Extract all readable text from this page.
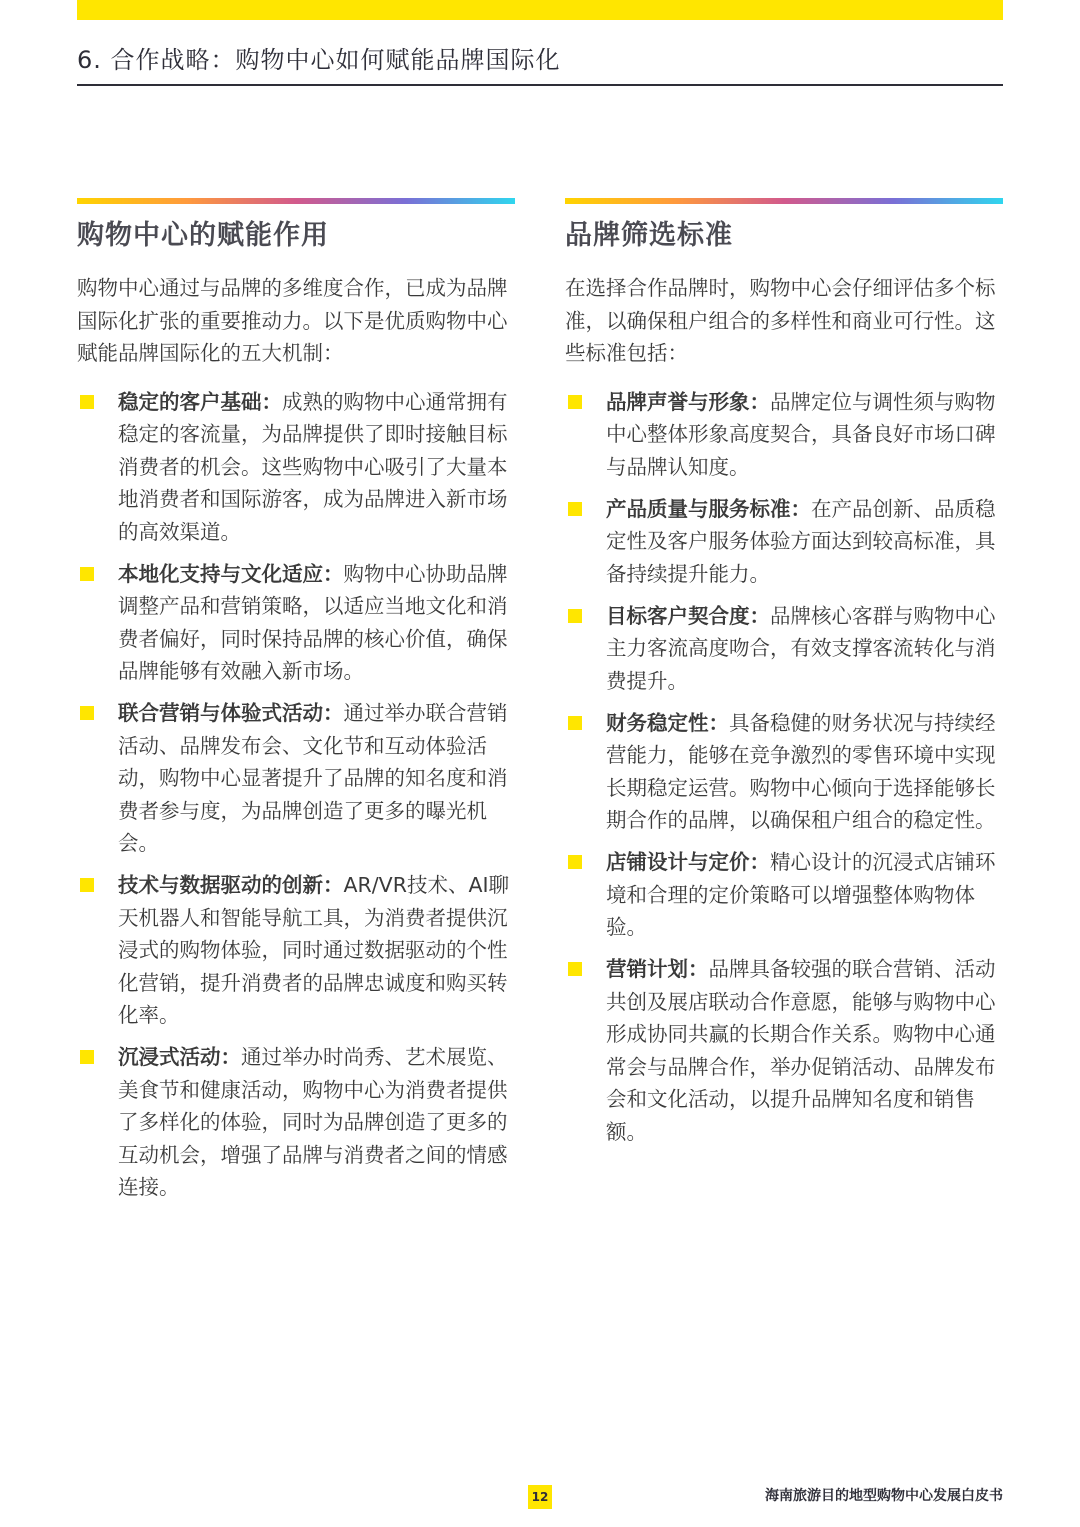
6. 合作战略：购物中心如何赋能品牌国际化
购物中心的赋能作用
购物中心通过与品牌的多维度合作，已成为品牌国际化扩张的重要推动力。以下是优质购物中心赋能品牌国际化的五大机制：
稳定的客户基础：成熟的购物中心通常拥有稳定的客流量，为品牌提供了即时接触目标消费者的机会。这些购物中心吸引了大量本地消费者和国际游客，成为品牌进入新市场的高效渠道。
本地化支持与文化适应：购物中心协助品牌调整产品和营销策略，以适应当地文化和消费者偏好，同时保持品牌的核心价值，确保品牌能够有效融入新市场。
联合营销与体验式活动：通过举办联合营销活动、品牌发布会、文化节和互动体验活动，购物中心显著提升了品牌的知名度和消费者参与度，为品牌创造了更多的曝光机会。
技术与数据驱动的创新：AR/VR技术、AI聊天机器人和智能导航工具，为消费者提供沉浸式的购物体验，同时通过数据驱动的个性化营销，提升消费者的品牌忠诚度和购买转化率。
沉浸式活动：通过举办时尚秀、艺术展览、美食节和健康活动，购物中心为消费者提供了多样化的体验，同时为品牌创造了更多的互动机会，增强了品牌与消费者之间的情感连接。
品牌筛选标准
在选择合作品牌时，购物中心会仔细评估多个标准，以确保租户组合的多样性和商业可行性。这些标准包括：
品牌声誉与形象：品牌定位与调性须与购物中心整体形象高度契合，具备良好市场口碑与品牌认知度。
产品质量与服务标准：在产品创新、品质稳定性及客户服务体验方面达到较高标准，具备持续提升能力。
目标客户契合度：品牌核心客群与购物中心主力客流高度吻合，有效支撑客流转化与消费提升。
财务稳定性：具备稳健的财务状况与持续经营能力，能够在竞争激烈的零售环境中实现长期稳定运营。购物中心倾向于选择能够长期合作的品牌，以确保租户组合的稳定性。
店铺设计与定价：精心设计的沉浸式店铺环境和合理的定价策略可以增强整体购物体验。
营销计划：品牌具备较强的联合营销、活动共创及展店联动合作意愿，能够与购物中心形成协同共赢的长期合作关系。购物中心通常会与品牌合作，举办促销活动、品牌发布会和文化活动，以提升品牌知名度和销售额。
12	海南旅游目的地型购物中心发展白皮书
